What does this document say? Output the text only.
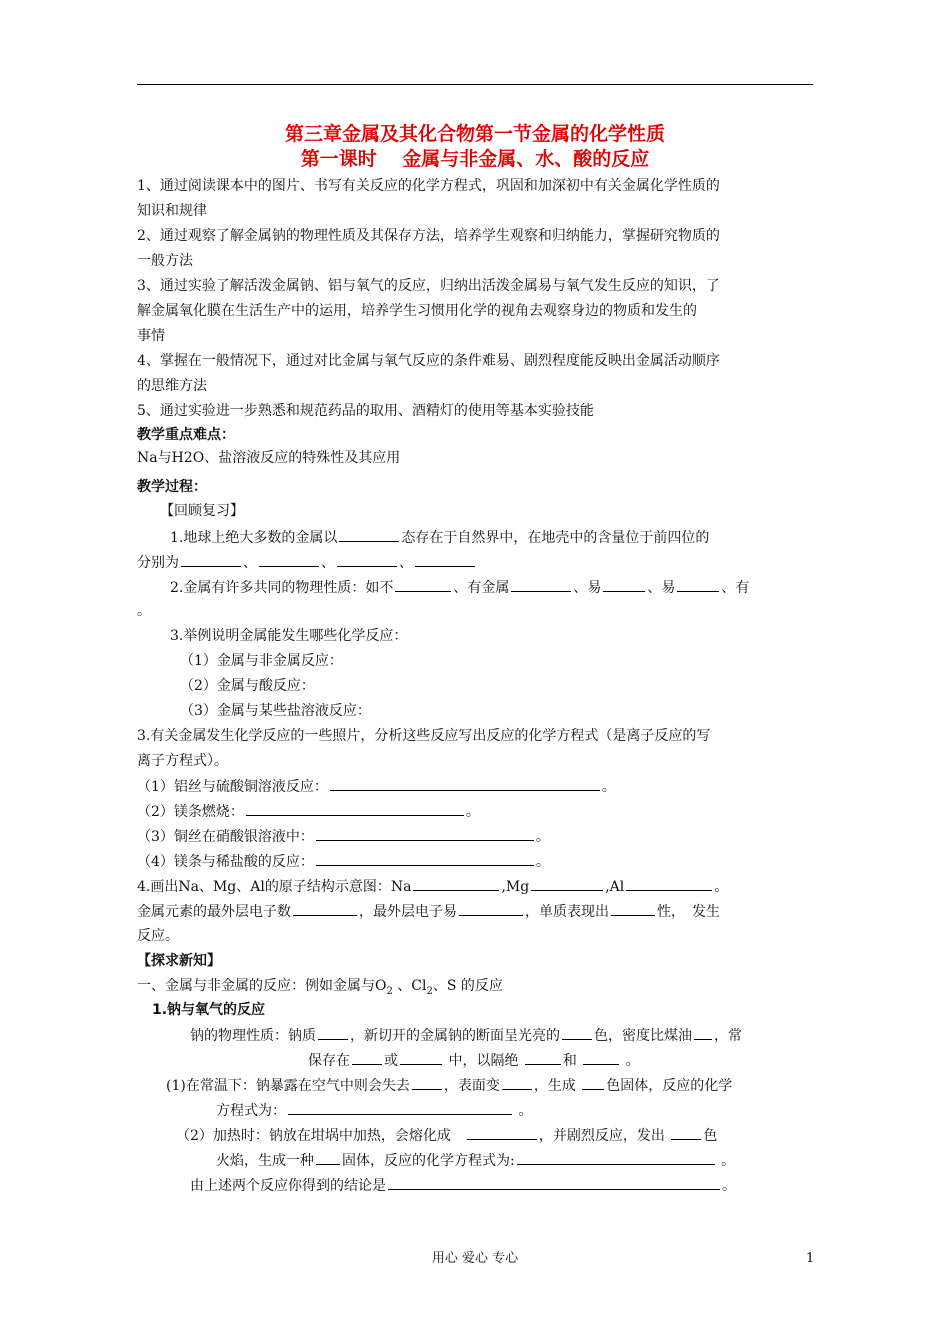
第三章金属及其化合物第一节金属的化学性质
第一课时　 金属与非金属、水、酸的反应
1、通过阅读课本中的图片、书写有关反应的化学方程式，巩固和加深初中有关金属化学性质的
知识和规律
2、通过观察了解金属钠的物理性质及其保存方法，培养学生观察和归纳能力，掌握研究物质的
一般方法
3、通过实验了解活泼金属钠、铝与氧气的反应，归纳出活泼金属易与氧气发生反应的知识，了
解金属氧化膜在生活生产中的运用，培养学生习惯用化学的视角去观察身边的物质和发生的
事情
4、掌握在一般情况下，通过对比金属与氧气反应的条件难易、剧烈程度能反映出金属活动顺序
的思维方法
5、通过实验进一步熟悉和规范药品的取用、酒精灯的使用等基本实验技能
教学重点难点：
Na与H2O、盐溶液反应的特殊性及其应用
教学过程：
【回顾复习】
1.地球上绝大多数的金属以	态存在于自然界中，在地壳中的含量位于前四位的
分别为	、	、	、
2.金属有许多共同的物理性质：如不	、有金属	、易	、易	、有
。
3.举例说明金属能发生哪些化学反应：
（1）金属与非金属反应：
（2）金属与酸反应：
（3）金属与某些盐溶液反应：
3.有关金属发生化学反应的一些照片，分析这些反应写出反应的化学方程式（是离子反应的写
离子方程式）。
（1）铝丝与硫酸铜溶液反应：	。
（2）镁条燃烧：	。
（3）铜丝在硝酸银溶液中：	。
（4）镁条与稀盐酸的反应：	。
4.画出Na、Mg、Al的原子结构示意图：Na	,Mg	,Al	。
金属元素的最外层电子数	，最外层电子易	，单质表现出	性，　发生
反应。
【探求新知】
一、金属与非金属的反应：例如金属与$O_2$ 、$Cl_2$、S 的反应
1.钠与氧气的反应
钠的物理性质：钠质 ，新切开的金属钠的断面呈光亮的 色，密度比煤油 ，常
保存在 或	中，以隔绝	和	。
(1)在常温下：钠暴露在空气中则会失去 ，表面变 ，生成 色固体，反应的化学
方程式为：	。
（2）加热时：钠放在坩埚中加热，会熔化成　	，并剧烈反应，发出 色
火焰，生成一种 固体，反应的化学方程式为:	。
由上述两个反应你得到的结论是	。
用心 爱心 专心	1
